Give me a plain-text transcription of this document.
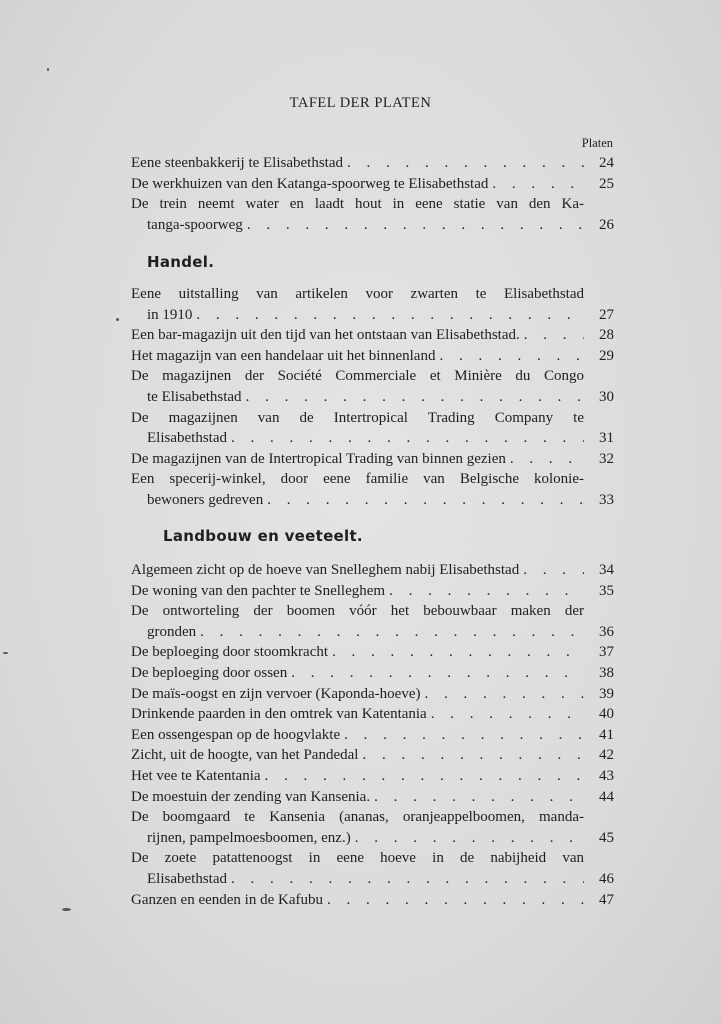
TAFEL DER PLATEN
Platen
Eene steenbakkerij te Elisabethstad . . .	24
De werkhuizen van den Katanga-spoorweg te Elisabethstad . . .	25
De trein neemt water en laadt hout in eene statie van den Ka-
tanga-spoorweg . . .	26
Handel.
Eene uitstalling van artikelen voor zwarten te Elisabethstad
in 1910 . . .	27
Een bar-magazijn uit den tijd van het ontstaan van Elisabethstad. . . .	28
Het magazijn van een handelaar uit het binnenland . . .	29
De magazijnen der Société Commerciale et Minière du Congo
te Elisabethstad . . .	30
De magazijnen van de Intertropical Trading Company te
Elisabethstad . . .	31
De magazijnen van de Intertropical Trading van binnen gezien . . .	32
Een specerij-winkel, door eene familie van Belgische kolonie-
bewoners gedreven . . .	33
Landbouw en veeteelt.
Algemeen zicht op de hoeve van Snelleghem nabij Elisabethstad . . .	34
De woning van den pachter te Snelleghem . . .	35
De ontworteling der boomen vóór het bebouwbaar maken der
gronden . . .	36
De beploeging door stoomkracht . . .	37
De beploeging door ossen . . .	38
De maïs-oogst en zijn vervoer (Kaponda-hoeve) . . .	39
Drinkende paarden in den omtrek van Katentania . . .	40
Een ossengespan op de hoogvlakte . . .	41
Zicht, uit de hoogte, van het Pandedal . . .	42
Het vee te Katentania . . .	43
De moestuin der zending van Kansenia. . . .	44
De boomgaard te Kansenia (ananas, oranjeappelboomen, manda-
rijnen, pampelmoesboomen, enz.) . . .	45
De zoete patattenoogst in eene hoeve in de nabijheid van
Elisabethstad . . .	46
Ganzen en eenden in de Kafubu . . .	47
